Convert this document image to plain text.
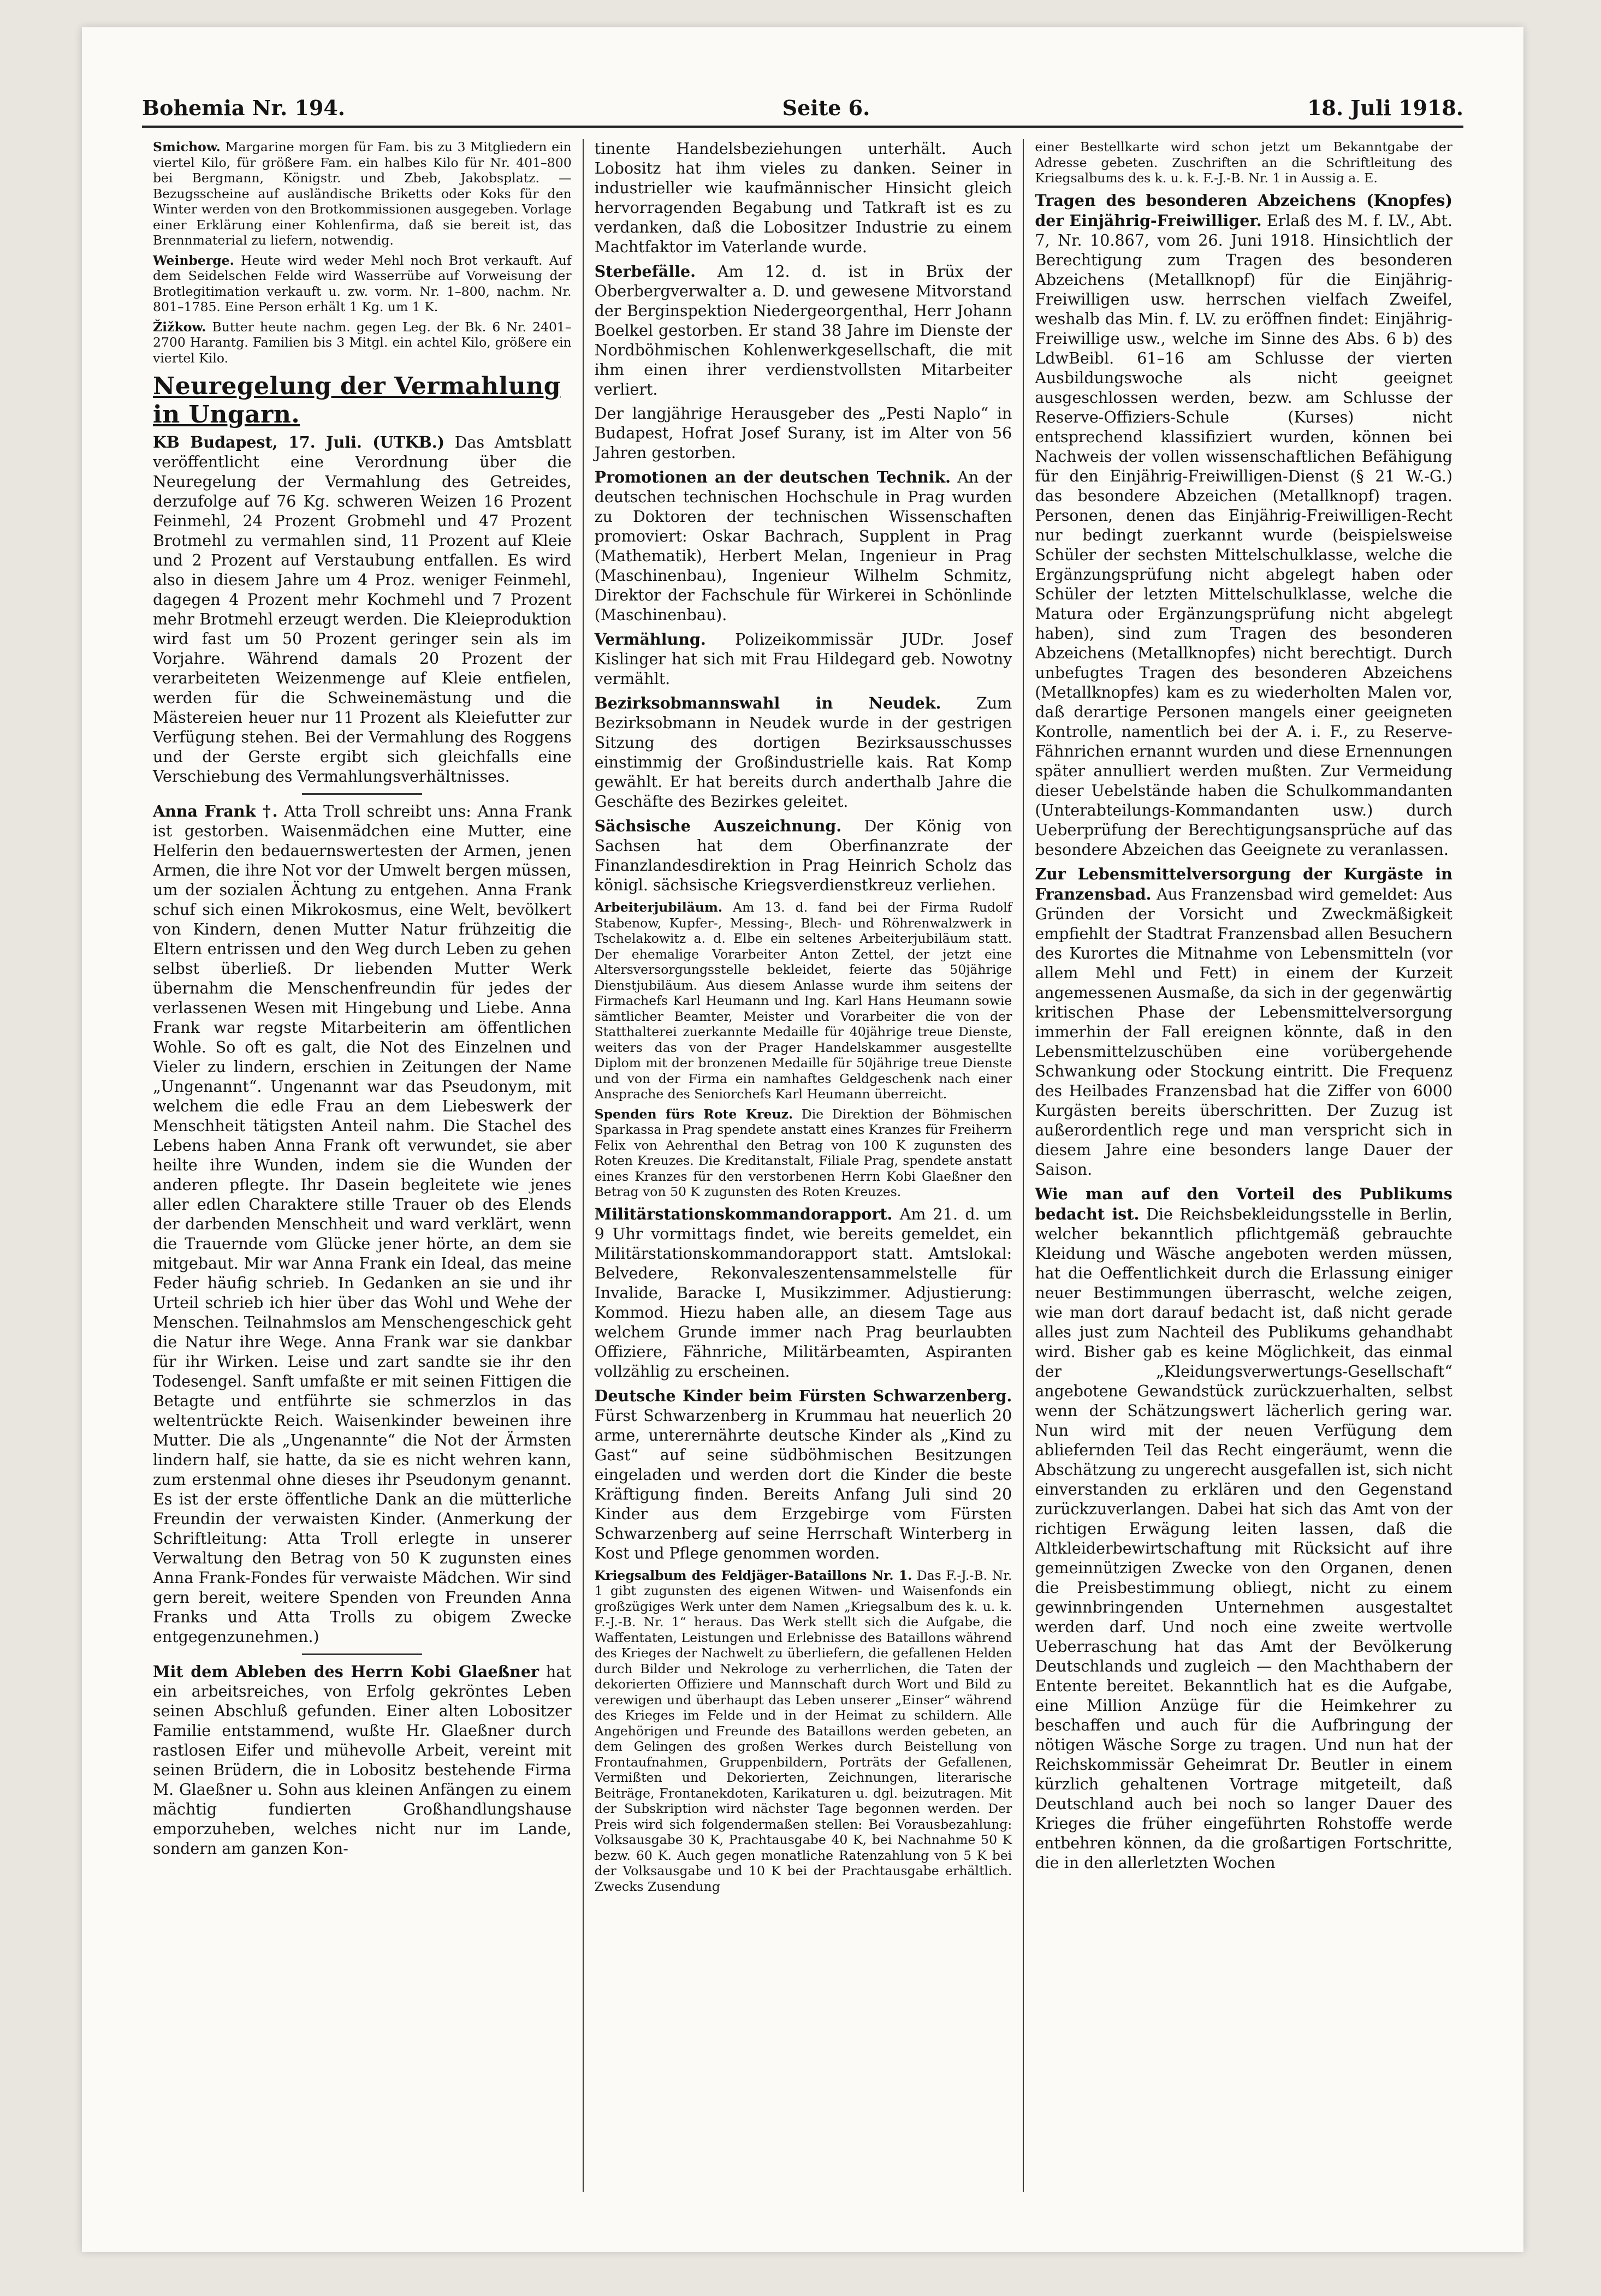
Bohemia Nr. 194.	Seite 6.	18. Juli 1918.

Smichow. Margarine morgen für Fam. bis zu 3 Mitgliedern ein viertel Kilo, für größere Fam. ein halbes Kilo für Nr. 401–800 bei Bergmann, Königstr. und Zbeb, Jakobsplatz. — Bezugsscheine auf ausländische Briketts oder Koks für den Winter werden von den Brotkommissionen ausgegeben. Vorlage einer Erklärung einer Kohlenfirma, daß sie bereit ist, das Brennmaterial zu liefern, notwendig.

Weinberge. Heute wird weder Mehl noch Brot verkauft. Auf dem Seidelschen Felde wird Wasserrübe auf Vorweisung der Brotlegitimation verkauft u. zw. vorm. Nr. 1–800, nachm. Nr. 801–1785. Eine Person erhält 1 Kg. um 1 K.

Žižkow. Butter heute nachm. gegen Leg. der Bk. 6 Nr. 2401–2700 Harantg. Familien bis 3 Mitgl. ein achtel Kilo, größere ein viertel Kilo.

Neuregelung der Vermahlung in Ungarn.

KB Budapest, 17. Juli. (UTKB.) Das Amtsblatt veröffentlicht eine Verordnung über die Neuregelung der Vermahlung des Getreides, derzufolge auf 76 Kg. schweren Weizen 16 Prozent Feinmehl, 24 Prozent Grobmehl und 47 Prozent Brotmehl zu vermahlen sind, 11 Prozent auf Kleie und 2 Prozent auf Verstaubung entfallen. Es wird also in diesem Jahre um 4 Proz. weniger Feinmehl, dagegen 4 Prozent mehr Kochmehl und 7 Prozent mehr Brotmehl erzeugt werden. Die Kleieproduktion wird fast um 50 Prozent geringer sein als im Vorjahre. Während damals 20 Prozent der verarbeiteten Weizenmenge auf Kleie entfielen, werden für die Schweinemästung und die Mästereien heuer nur 11 Prozent als Kleiefutter zur Verfügung stehen. Bei der Vermahlung des Roggens und der Gerste ergibt sich gleichfalls eine Verschiebung des Vermahlungsverhältnisses.

Anna Frank †. Atta Troll schreibt uns: Anna Frank ist gestorben. Waisenmädchen eine Mutter, eine Helferin den bedauernswertesten der Armen, jenen Armen, die ihre Not vor der Umwelt bergen müssen, um der sozialen Ächtung zu entgehen. Anna Frank schuf sich einen Mikrokosmus, eine Welt, bevölkert von Kindern, denen Mutter Natur frühzeitig die Eltern entrissen und den Weg durch Leben zu gehen selbst überließ. Dr liebenden Mutter Werk übernahm die Menschenfreundin für jedes der verlassenen Wesen mit Hingebung und Liebe. Anna Frank war regste Mitarbeiterin am öffentlichen Wohle. So oft es galt, die Not des Einzelnen und Vieler zu lindern, erschien in Zeitungen der Name „Ungenannt“. Ungenannt war das Pseudonym, mit welchem die edle Frau an dem Liebeswerk der Menschheit tätigsten Anteil nahm. Die Stachel des Lebens haben Anna Frank oft verwundet, sie aber heilte ihre Wunden, indem sie die Wunden der anderen pflegte. Ihr Dasein begleitete wie jenes aller edlen Charaktere stille Trauer ob des Elends der darbenden Menschheit und ward verklärt, wenn die Trauernde vom Glücke jener hörte, an dem sie mitgebaut. Mir war Anna Frank ein Ideal, das meine Feder häufig schrieb. In Gedanken an sie und ihr Urteil schrieb ich hier über das Wohl und Wehe der Menschen. Teilnahmslos am Menschengeschick geht die Natur ihre Wege. Anna Frank war sie dankbar für ihr Wirken. Leise und zart sandte sie ihr den Todesengel. Sanft umfaßte er mit seinen Fittigen die Betagte und entführte sie schmerzlos in das weltentrückte Reich. Waisenkinder beweinen ihre Mutter. Die als „Ungenannte“ die Not der Ärmsten lindern half, sie hatte, da sie es nicht wehren kann, zum erstenmal ohne dieses ihr Pseudonym genannt. Es ist der erste öffentliche Dank an die mütterliche Freundin der verwaisten Kinder. (Anmerkung der Schriftleitung: Atta Troll erlegte in unserer Verwaltung den Betrag von 50 K zugunsten eines Anna Frank-Fondes für verwaiste Mädchen. Wir sind gern bereit, weitere Spenden von Freunden Anna Franks und Atta Trolls zu obigem Zwecke entgegenzunehmen.)

Mit dem Ableben des Herrn Kobi Glaeßner hat ein arbeitsreiches, von Erfolg gekröntes Leben seinen Abschluß gefunden. Einer alten Lobositzer Familie entstammend, wußte Hr. Glaeßner durch rastlosen Eifer und mühevolle Arbeit, vereint mit seinen Brüdern, die in Lobositz bestehende Firma M. Glaeßner u. Sohn aus kleinen Anfängen zu einem mächtig fundierten Großhandlungshause emporzuheben, welches nicht nur im Lande, sondern am ganzen Kon-

tinente Handelsbeziehungen unterhält. Auch Lobositz hat ihm vieles zu danken. Seiner in industrieller wie kaufmännischer Hinsicht gleich hervorragenden Begabung und Tatkraft ist es zu verdanken, daß die Lobositzer Industrie zu einem Machtfaktor im Vaterlande wurde.

Sterbefälle. Am 12. d. ist in Brüx der Oberbergverwalter a. D. und gewesene Mitvorstand der Berginspektion Niedergeorgenthal, Herr Johann Boelkel gestorben. Er stand 38 Jahre im Dienste der Nordböhmischen Kohlenwerkgesellschaft, die mit ihm einen ihrer verdienstvollsten Mitarbeiter verliert.

Der langjährige Herausgeber des „Pesti Naplo“ in Budapest, Hofrat Josef Surany, ist im Alter von 56 Jahren gestorben.

Promotionen an der deutschen Technik. An der deutschen technischen Hochschule in Prag wurden zu Doktoren der technischen Wissenschaften promoviert: Oskar Bachrach, Supplent in Prag (Mathematik), Herbert Melan, Ingenieur in Prag (Maschinenbau), Ingenieur Wilhelm Schmitz, Direktor der Fachschule für Wirkerei in Schönlinde (Maschinenbau).

Vermählung. Polizeikommissär JUDr. Josef Kislinger hat sich mit Frau Hildegard geb. Nowotny vermählt.

Bezirksobmannswahl in Neudek. Zum Bezirksobmann in Neudek wurde in der gestrigen Sitzung des dortigen Bezirksausschusses einstimmig der Großindustrielle kais. Rat Komp gewählt. Er hat bereits durch anderthalb Jahre die Geschäfte des Bezirkes geleitet.

Sächsische Auszeichnung. Der König von Sachsen hat dem Oberfinanzrate der Finanzlandesdirektion in Prag Heinrich Scholz das königl. sächsische Kriegsverdienstkreuz verliehen.

Arbeiterjubiläum. Am 13. d. fand bei der Firma Rudolf Stabenow, Kupfer-, Messing-, Blech- und Röhrenwalzwerk in Tschelakowitz a. d. Elbe ein seltenes Arbeiterjubiläum statt. Der ehemalige Vorarbeiter Anton Zettel, der jetzt eine Altersversorgungsstelle bekleidet, feierte das 50jährige Dienstjubiläum. Aus diesem Anlasse wurde ihm seitens der Firmachefs Karl Heumann und Ing. Karl Hans Heumann sowie sämtlicher Beamter, Meister und Vorarbeiter die von der Statthalterei zuerkannte Medaille für 40jährige treue Dienste, weiters das von der Prager Handelskammer ausgestellte Diplom mit der bronzenen Medaille für 50jährige treue Dienste und von der Firma ein namhaftes Geldgeschenk nach einer Ansprache des Seniorchefs Karl Heumann überreicht.

Spenden fürs Rote Kreuz. Die Direktion der Böhmischen Sparkassa in Prag spendete anstatt eines Kranzes für Freiherrn Felix von Aehrenthal den Betrag von 100 K zugunsten des Roten Kreuzes. Die Kreditanstalt, Filiale Prag, spendete anstatt eines Kranzes für den verstorbenen Herrn Kobi Glaeßner den Betrag von 50 K zugunsten des Roten Kreuzes.

Militärstationskommandorapport. Am 21. d. um 9 Uhr vormittags findet, wie bereits gemeldet, ein Militärstationskommandorapport statt. Amtslokal: Belvedere, Rekonvaleszentensammelstelle für Invalide, Baracke I, Musikzimmer. Adjustierung: Kommod. Hiezu haben alle, an diesem Tage aus welchem Grunde immer nach Prag beurlaubten Offiziere, Fähnriche, Militärbeamten, Aspiranten vollzählig zu erscheinen.

Deutsche Kinder beim Fürsten Schwarzenberg. Fürst Schwarzenberg in Krummau hat neuerlich 20 arme, unterernährte deutsche Kinder als „Kind zu Gast“ auf seine südböhmischen Besitzungen eingeladen und werden dort die Kinder die beste Kräftigung finden. Bereits Anfang Juli sind 20 Kinder aus dem Erzgebirge vom Fürsten Schwarzenberg auf seine Herrschaft Winterberg in Kost und Pflege genommen worden.

Kriegsalbum des Feldjäger-Bataillons Nr. 1. Das F.-J.-B. Nr. 1 gibt zugunsten des eigenen Witwen- und Waisenfonds ein großzügiges Werk unter dem Namen „Kriegsalbum des k. u. k. F.-J.-B. Nr. 1“ heraus. Das Werk stellt sich die Aufgabe, die Waffentaten, Leistungen und Erlebnisse des Bataillons während des Krieges der Nachwelt zu überliefern, die gefallenen Helden durch Bilder und Nekrologe zu verherrlichen, die Taten der dekorierten Offiziere und Mannschaft durch Wort und Bild zu verewigen und überhaupt das Leben unserer „Einser“ während des Krieges im Felde und in der Heimat zu schildern. Alle Angehörigen und Freunde des Bataillons werden gebeten, an dem Gelingen des großen Werkes durch Beistellung von Frontaufnahmen, Gruppenbildern, Porträts der Gefallenen, Vermißten und Dekorierten, Zeichnungen, literarische Beiträge, Frontanekdoten, Karikaturen u. dgl. beizutragen. Mit der Subskription wird nächster Tage begonnen werden. Der Preis wird sich folgendermaßen stellen: Bei Vorausbezahlung: Volksausgabe 30 K, Prachtausgabe 40 K, bei Nachnahme 50 K bezw. 60 K. Auch gegen monatliche Ratenzahlung von 5 K bei der Volksausgabe und 10 K bei der Prachtausgabe erhältlich. Zwecks Zusendung

einer Bestellkarte wird schon jetzt um Bekanntgabe der Adresse gebeten. Zuschriften an die Schriftleitung des Kriegsalbums des k. u. k. F.-J.-B. Nr. 1 in Aussig a. E.

Tragen des besonderen Abzeichens (Knopfes) der Einjährig-Freiwilliger. Erlaß des M. f. LV., Abt. 7, Nr. 10.867, vom 26. Juni 1918. Hinsichtlich der Berechtigung zum Tragen des besonderen Abzeichens (Metallknopf) für die Einjährig-Freiwilligen usw. herrschen vielfach Zweifel, weshalb das Min. f. LV. zu eröffnen findet: Einjährig-Freiwillige usw., welche im Sinne des Abs. 6 b) des LdwBeibl. 61–16 am Schlusse der vierten Ausbildungswoche als nicht geeignet ausgeschlossen werden, bezw. am Schlusse der Reserve-Offiziers-Schule (Kurses) nicht entsprechend klassifiziert wurden, können bei Nachweis der vollen wissenschaftlichen Befähigung für den Einjährig-Freiwilligen-Dienst (§ 21 W.-G.) das besondere Abzeichen (Metallknopf) tragen. Personen, denen das Einjährig-Freiwilligen-Recht nur bedingt zuerkannt wurde (beispielsweise Schüler der sechsten Mittelschulklasse, welche die Ergänzungsprüfung nicht abgelegt haben oder Schüler der letzten Mittelschulklasse, welche die Matura oder Ergänzungsprüfung nicht abgelegt haben), sind zum Tragen des besonderen Abzeichens (Metallknopfes) nicht berechtigt. Durch unbefugtes Tragen des besonderen Abzeichens (Metallknopfes) kam es zu wiederholten Malen vor, daß derartige Personen mangels einer geeigneten Kontrolle, namentlich bei der A. i. F., zu Reserve-Fähnrichen ernannt wurden und diese Ernennungen später annulliert werden mußten. Zur Vermeidung dieser Uebelstände haben die Schulkommandanten (Unterabteilungs-Kommandanten usw.) durch Ueberprüfung der Berechtigungsansprüche auf das besondere Abzeichen das Geeignete zu veranlassen.

Zur Lebensmittelversorgung der Kurgäste in Franzensbad. Aus Franzensbad wird gemeldet: Aus Gründen der Vorsicht und Zweckmäßigkeit empfiehlt der Stadtrat Franzensbad allen Besuchern des Kurortes die Mitnahme von Lebensmitteln (vor allem Mehl und Fett) in einem der Kurzeit angemessenen Ausmaße, da sich in der gegenwärtig kritischen Phase der Lebensmittelversorgung immerhin der Fall ereignen könnte, daß in den Lebensmittelzuschüben eine vorübergehende Schwankung oder Stockung eintritt. Die Frequenz des Heilbades Franzensbad hat die Ziffer von 6000 Kurgästen bereits überschritten. Der Zuzug ist außerordentlich rege und man verspricht sich in diesem Jahre eine besonders lange Dauer der Saison.

Wie man auf den Vorteil des Publikums bedacht ist. Die Reichsbekleidungsstelle in Berlin, welcher bekanntlich pflichtgemäß gebrauchte Kleidung und Wäsche angeboten werden müssen, hat die Oeffentlichkeit durch die Erlassung einiger neuer Bestimmungen überrascht, welche zeigen, wie man dort darauf bedacht ist, daß nicht gerade alles just zum Nachteil des Publikums gehandhabt wird. Bisher gab es keine Möglichkeit, das einmal der „Kleidungsverwertungs-Gesellschaft“ angebotene Gewandstück zurückzuerhalten, selbst wenn der Schätzungswert lächerlich gering war. Nun wird mit der neuen Verfügung dem abliefernden Teil das Recht eingeräumt, wenn die Abschätzung zu ungerecht ausgefallen ist, sich nicht einverstanden zu erklären und den Gegenstand zurückzuverlangen. Dabei hat sich das Amt von der richtigen Erwägung leiten lassen, daß die Altkleiderbewirtschaftung mit Rücksicht auf ihre gemeinnützigen Zwecke von den Organen, denen die Preisbestimmung obliegt, nicht zu einem gewinnbringenden Unternehmen ausgestaltet werden darf. Und noch eine zweite wertvolle Ueberraschung hat das Amt der Bevölkerung Deutschlands und zugleich — den Machthabern der Entente bereitet. Bekanntlich hat es die Aufgabe, eine Million Anzüge für die Heimkehrer zu beschaffen und auch für die Aufbringung der nötigen Wäsche Sorge zu tragen. Und nun hat der Reichskommissär Geheimrat Dr. Beutler in einem kürzlich gehaltenen Vortrage mitgeteilt, daß Deutschland auch bei noch so langer Dauer des Krieges die früher eingeführten Rohstoffe werde entbehren können, da die großartigen Fortschritte, die in den allerletzten Wochen
